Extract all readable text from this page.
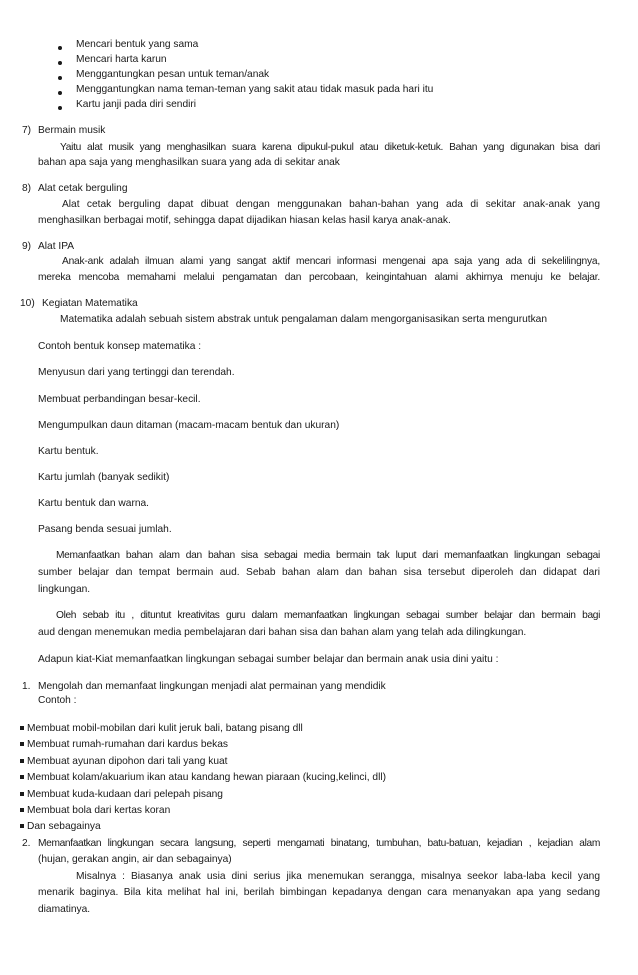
Mencari bentuk yang sama
Mencari harta karun
Menggantungkan pesan untuk teman/anak
Menggantungkan nama teman-teman yang sakit atau tidak masuk pada hari itu
Kartu janji pada diri sendiri
7) Bermain musik
Yaitu alat musik yang menghasilkan suara karena dipukul-pukul atau diketuk-ketuk. Bahan yang digunakan bisa dari
bahan apa saja yang menghasilkan suara yang ada di sekitar anak
8) Alat cetak berguling
Alat cetak berguling dapat dibuat dengan menggunakan bahan-bahan yang ada di sekitar anak-anak yang
menghasilkan berbagai motif, sehingga dapat dijadikan hiasan kelas hasil karya anak-anak.
9) Alat IPA
Anak-ank adalah ilmuan alami yang sangat aktif mencari informasi mengenai apa saja yang ada di sekelilingnya,
mereka mencoba memahami melalui pengamatan dan percobaan, keingintahuan alami akhirnya menuju ke belajar.
10) Kegiatan Matematika
Matematika adalah sebuah sistem abstrak untuk pengalaman dalam mengorganisasikan serta mengurutkan
Contoh bentuk konsep matematika :
Menyusun dari yang tertinggi dan terendah.
Membuat perbandingan besar-kecil.
Mengumpulkan daun ditaman (macam-macam bentuk dan ukuran)
Kartu bentuk.
Kartu jumlah (banyak sedikit)
Kartu bentuk dan warna.
Pasang benda sesuai jumlah.
Memanfaatkan bahan alam dan bahan sisa sebagai media bermain tak luput dari memanfaatkan lingkungan sebagai
sumber belajar dan tempat bermain aud. Sebab bahan alam dan bahan sisa tersebut diperoleh dan didapat dari
lingkungan.
Oleh sebab itu , dituntut kreativitas guru dalam memanfaatkan lingkungan sebagai sumber belajar dan bermain bagi
aud dengan menemukan media pembelajaran dari bahan sisa dan bahan alam yang telah ada dilingkungan.
Adapun kiat-Kiat memanfaatkan lingkungan sebagai sumber belajar dan bermain anak usia dini yaitu :
1. Mengolah dan memanfaat lingkungan menjadi alat permainan yang mendidik
Contoh :
Membuat mobil-mobilan dari kulit jeruk bali, batang pisang dll
Membuat rumah-rumahan dari kardus bekas
Membuat ayunan dipohon dari tali yang kuat
Membuat kolam/akuarium ikan atau kandang hewan piaraan (kucing,kelinci, dll)
Membuat kuda-kudaan dari pelepah pisang
Membuat bola dari kertas koran
Dan sebagainya
2. Memanfaatkan lingkungan secara langsung, seperti mengamati binatang, tumbuhan, batu-batuan, kejadian , kejadian alam
(hujan, gerakan angin, air dan sebagainya)
Misalnya : Biasanya anak usia dini serius jika menemukan serangga, misalnya seekor laba-laba kecil yang
menarik baginya. Bila kita melihat hal ini, berilah bimbingan kepadanya dengan cara menanyakan apa yang sedang
diamatinya.
